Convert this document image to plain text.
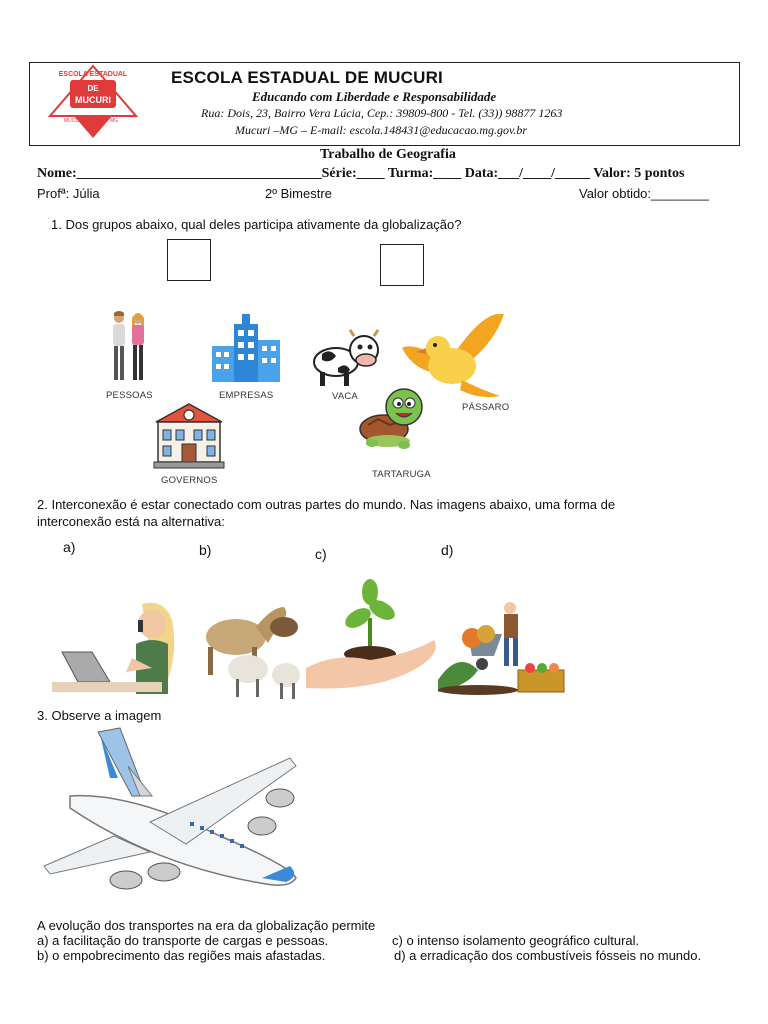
ESCOLA ESTADUAL
DE
MUCURI
MUCURI	MG
ESCOLA ESTADUAL DE MUCURI
Educando com Liberdade e Responsabilidade
Rua: Dois, 23, Bairro Vera Lúcia, Cep.: 39809-800 - Tel. (33)) 98877 1263
Mucuri –MG – E-mail: escola.148431@educacao.mg.gov.br
Trabalho de Geografia
Nome:___________________________________Série:____ Turma:____ Data:___/____/_____ Valor: 5 pontos
Profª: Júlia	2º Bimestre	Valor obtido:________
1. Dos grupos abaixo, qual deles participa ativamente da globalização?
PESSOAS	EMPRESAS	VACA
PÁSSARO
GOVERNOS
TARTARUGA
2. Interconexão é estar conectado com outras partes do mundo. Nas imagens abaixo, uma forma de
interconexão está na alternativa:
a)	b)	c)	d)
3. Observe a imagem
A evolução dos transportes na era da globalização permite
a) a facilitação do transporte de cargas e pessoas.	c) o intenso isolamento geográfico cultural.
b) o empobrecimento das regiões mais afastadas.	d) a erradicação dos combustíveis fósseis no mundo.
